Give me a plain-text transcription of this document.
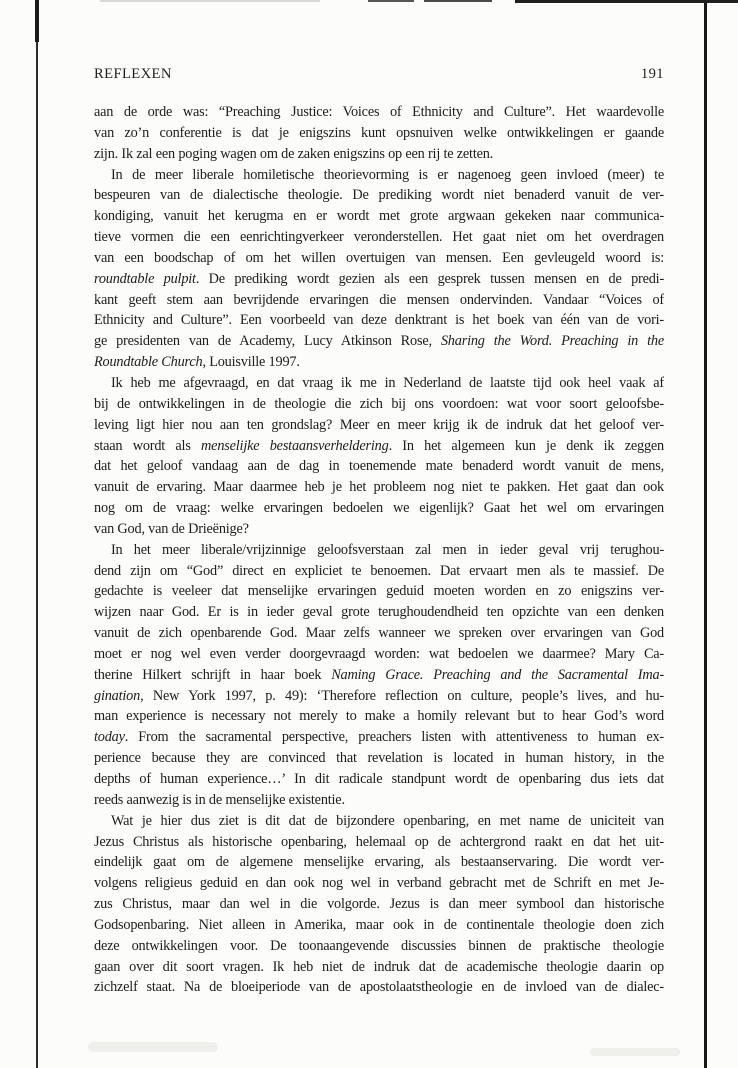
REFLEXEN	191
aan de orde was: “Preaching Justice: Voices of Ethnicity and Culture”. Het waardevolle
van zo’n conferentie is dat je enigszins kunt opsnuiven welke ontwikkelingen er gaande
zijn. Ik zal een poging wagen om de zaken enigszins op een rij te zetten.
In de meer liberale homiletische theorievorming is er nagenoeg geen invloed (meer) te
bespeuren van de dialectische theologie. De prediking wordt niet benaderd vanuit de ver-
kondiging, vanuit het kerugma en er wordt met grote argwaan gekeken naar communica-
tieve vormen die een eenrichtingverkeer veronderstellen. Het gaat niet om het overdragen
van een boodschap of om het willen overtuigen van mensen. Een gevleugeld woord is:
roundtable pulpit. De prediking wordt gezien als een gesprek tussen mensen en de predi-
kant geeft stem aan bevrijdende ervaringen die mensen ondervinden. Vandaar “Voices of
Ethnicity and Culture”. Een voorbeeld van deze denktrant is het boek van één van de vori-
ge presidenten van de Academy, Lucy Atkinson Rose, Sharing the Word. Preaching in the
Roundtable Church, Louisville 1997.
Ik heb me afgevraagd, en dat vraag ik me in Nederland de laatste tijd ook heel vaak af
bij de ontwikkelingen in de theologie die zich bij ons voordoen: wat voor soort geloofsbe-
leving ligt hier nou aan ten grondslag? Meer en meer krijg ik de indruk dat het geloof ver-
staan wordt als menselijke bestaansverheldering. In het algemeen kun je denk ik zeggen
dat het geloof vandaag aan de dag in toenemende mate benaderd wordt vanuit de mens,
vanuit de ervaring. Maar daarmee heb je het probleem nog niet te pakken. Het gaat dan ook
nog om de vraag: welke ervaringen bedoelen we eigenlijk? Gaat het wel om ervaringen
van God, van de Drieënige?
In het meer liberale/vrijzinnige geloofsverstaan zal men in ieder geval vrij terughou-
dend zijn om “God” direct en expliciet te benoemen. Dat ervaart men als te massief. De
gedachte is veeleer dat menselijke ervaringen geduid moeten worden en zo enigszins ver-
wijzen naar God. Er is in ieder geval grote terughoudendheid ten opzichte van een denken
vanuit de zich openbarende God. Maar zelfs wanneer we spreken over ervaringen van God
moet er nog wel even verder doorgevraagd worden: wat bedoelen we daarmee? Mary Ca-
therine Hilkert schrijft in haar boek Naming Grace. Preaching and the Sacramental Ima-
gination, New York 1997, p. 49): ‘Therefore reflection on culture, people’s lives, and hu-
man experience is necessary not merely to make a homily relevant but to hear God’s word
today. From the sacramental perspective, preachers listen with attentiveness to human ex-
perience because they are convinced that revelation is located in human history, in the
depths of human experience…’ In dit radicale standpunt wordt de openbaring dus iets dat
reeds aanwezig is in de menselijke existentie.
Wat je hier dus ziet is dit dat de bijzondere openbaring, en met name de uniciteit van
Jezus Christus als historische openbaring, helemaal op de achtergrond raakt en dat het uit-
eindelijk gaat om de algemene menselijke ervaring, als bestaanservaring. Die wordt ver-
volgens religieus geduid en dan ook nog wel in verband gebracht met de Schrift en met Je-
zus Christus, maar dan wel in die volgorde. Jezus is dan meer symbool dan historische
Godsopenbaring. Niet alleen in Amerika, maar ook in de continentale theologie doen zich
deze ontwikkelingen voor. De toonaangevende discussies binnen de praktische theologie
gaan over dit soort vragen. Ik heb niet de indruk dat de academische theologie daarin op
zichzelf staat. Na de bloeiperiode van de apostolaatstheologie en de invloed van de dialec-
